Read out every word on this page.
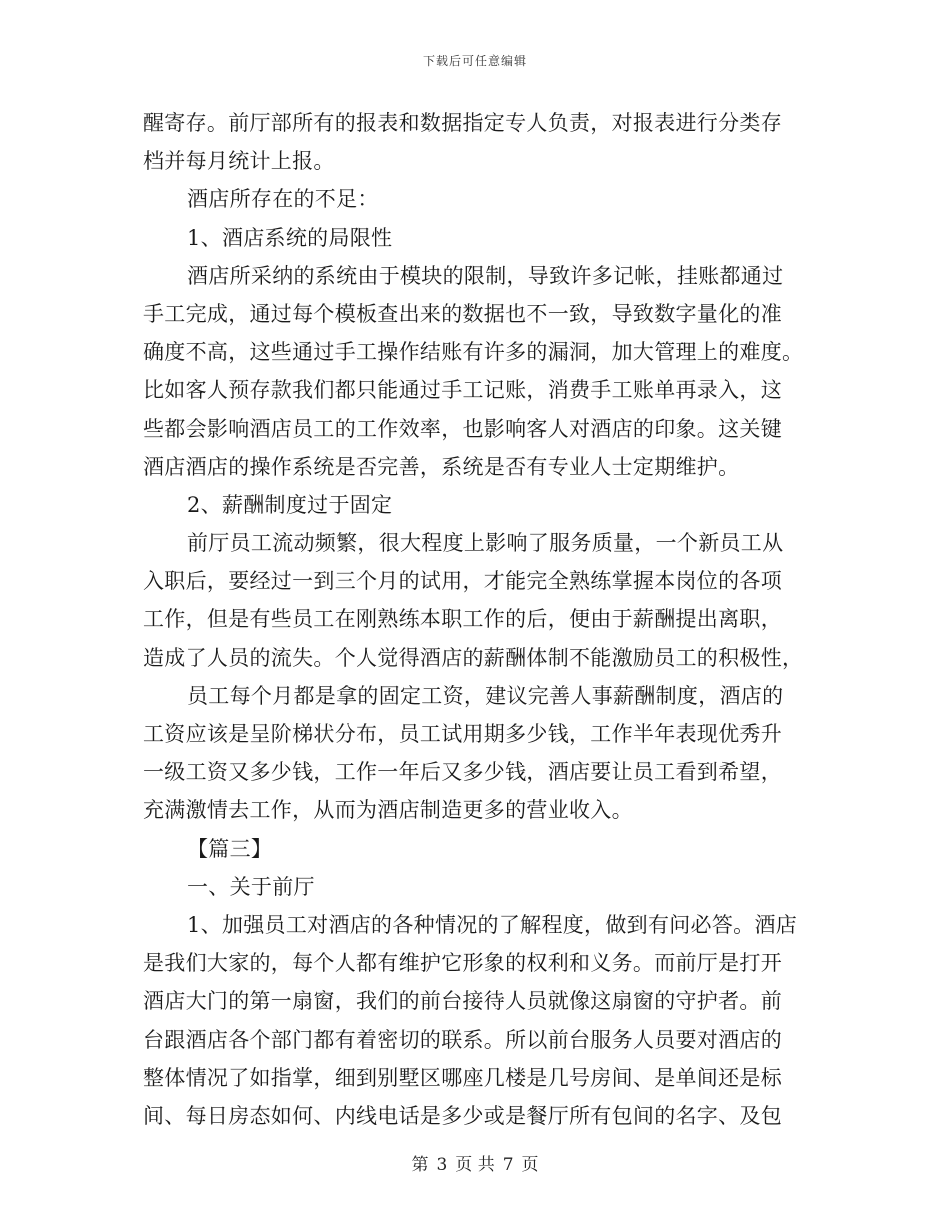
下载后可任意编辑
醒寄存。前厅部所有的报表和数据指定专人负责，对报表进行分类存
档并每月统计上报。
酒店所存在的不足：
1、酒店系统的局限性
酒店所采纳的系统由于模块的限制，导致许多记帐，挂账都通过
手工完成，通过每个模板查出来的数据也不一致，导致数字量化的准
确度不高，这些通过手工操作结账有许多的漏洞，加大管理上的难度。
比如客人预存款我们都只能通过手工记账，消费手工账单再录入，这
些都会影响酒店员工的工作效率，也影响客人对酒店的印象。这关键
酒店酒店的操作系统是否完善，系统是否有专业人士定期维护。
2、薪酬制度过于固定
前厅员工流动频繁，很大程度上影响了服务质量，一个新员工从
入职后，要经过一到三个月的试用，才能完全熟练掌握本岗位的各项
工作，但是有些员工在刚熟练本职工作的后，便由于薪酬提出离职，
造成了人员的流失。个人觉得酒店的薪酬体制不能激励员工的积极性，
员工每个月都是拿的固定工资，建议完善人事薪酬制度，酒店的
工资应该是呈阶梯状分布，员工试用期多少钱，工作半年表现优秀升
一级工资又多少钱，工作一年后又多少钱，酒店要让员工看到希望，
充满激情去工作，从而为酒店制造更多的营业收入。
【篇三】
一、关于前厅
1、加强员工对酒店的各种情况的了解程度，做到有问必答。酒店
是我们大家的，每个人都有维护它形象的权利和义务。而前厅是打开
酒店大门的第一扇窗，我们的前台接待人员就像这扇窗的守护者。前
台跟酒店各个部门都有着密切的联系。所以前台服务人员要对酒店的
整体情况了如指掌，细到别墅区哪座几楼是几号房间、是单间还是标
间、每日房态如何、内线电话是多少或是餐厅所有包间的名字、及包
第 3 页 共 7 页
